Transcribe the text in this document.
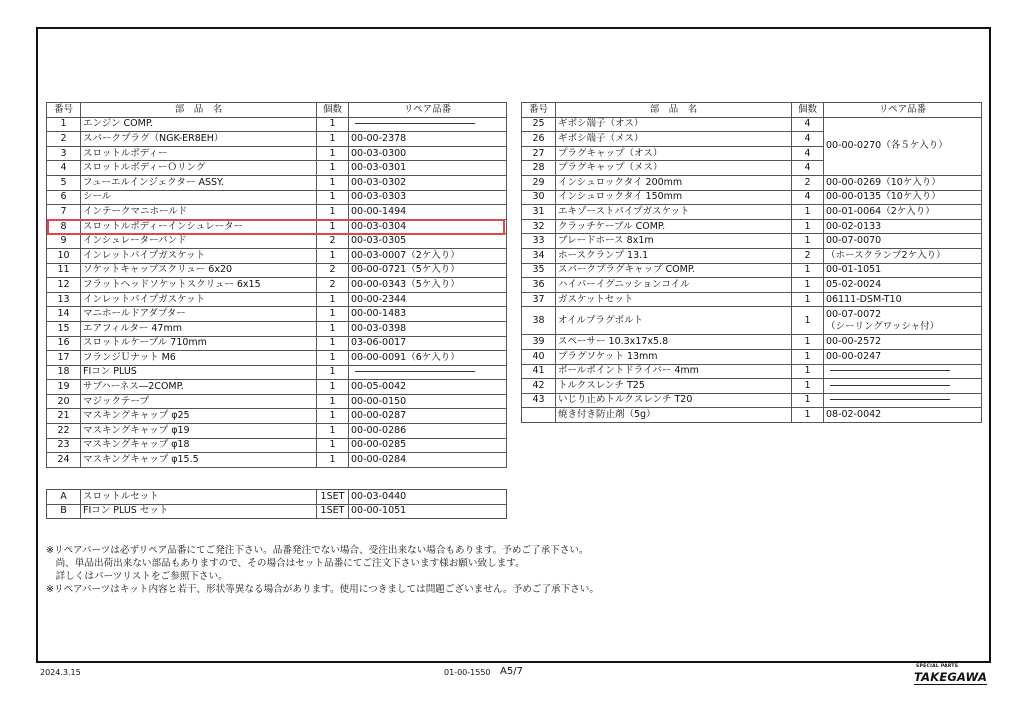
番号	部　品　名	個数	リペア品番
1	エンジン COMP.	1	
2	スパークプラグ（NGK-ER8EH）	1	00-00-2378
3	スロットルボディー	1	00-03-0300
4	スロットルボディーＯリング	1	00-03-0301
5	フューエルインジェクター ASSY.	1	00-03-0302
6	シール	1	00-03-0303
7	インテークマニホールド	1	00-00-1494
8	スロットルボディーインシュレーター	1	00-03-0304
9	インシュレーターバンド	2	00-03-0305
10	インレットパイプガスケット	1	00-03-0007（2ケ入り）
11	ソケットキャップスクリュー 6x20	2	00-00-0721（5ケ入り）
12	フラットヘッドソケットスクリュー 6x15	2	00-00-0343（5ケ入り）
13	インレットパイプガスケット	1	00-00-2344
14	マニホールドアダプター	1	00-00-1483
15	エアフィルター 47mm	1	00-03-0398
16	スロットルケーブル 710mm	1	03-06-0017
17	フランジＵナット M6	1	00-00-0091（6ケ入り）
18	FIコン PLUS	1	
19	サブハーネス―2COMP.	1	00-05-0042
20	マジックテープ	1	00-00-0150
21	マスキングキャップ φ25	1	00-00-0287
22	マスキングキャップ φ19	1	00-00-0286
23	マスキングキャップ φ18	1	00-00-0285
24	マスキングキャップ φ15.5	1	00-00-0284
番号	部　品　名	個数	リペア品番
25	ギボシ端子（オス）	4	00-00-0270（各５ケ入り）
26	ギボシ端子（メス）	4	
27	プラグキャップ（オス）	4	
28	プラグキャップ（メス）	4	
29	インシュロックタイ 200mm	2	00-00-0269（10ケ入り）
30	インシュロックタイ 150mm	4	00-00-0135（10ケ入り）
31	エキゾーストパイプガスケット	1	00-01-0064（2ケ入り）
32	クラッチケーブル COMP.	1	00-02-0133
33	ブレードホース 8x1m	1	00-07-0070
34	ホースクランプ 13.1	2	（ホースクランプ2ケ入り）
35	スパークプラグキャップ COMP.	1	00-01-1051
36	ハイパーイグニッションコイル	1	05-02-0024
37	ガスケットセット	1	06111-DSM-T10
38	オイルプラグボルト	1	00-07-0072
（シーリングワッシャ付）

39	スペーサー 10.3x17x5.8	1	00-00-2572
40	プラグソケット 13mm	1	00-00-0247
41	ボールポイントドライバー 4mm	1	
42	トルクスレンチ T25	1	
43	いじり止めトルクスレンチ T20	1	
	焼き付き防止剤（5g）	1	08-02-0042
A	スロットルセット	1SET	00-03-0440
B	FIコン PLUS セット	1SET	00-00-1051
※リペアパーツは必ずリペア品番にてご発注下さい。品番発注でない場合、受注出来ない場合もあります。予めご了承下さい。
　尚、単品出荷出来ない部品もありますので、その場合はセット品番にてご注文下さいます様お願い致します。
　詳しくはパーツリストをご参照下さい。
※リペアパーツはキット内容と若干、形状等異なる場合があります。使用につきましては問題ございません。予めご了承下さい。
2024.3.15	01-00-1550 A5/7	SPECIAL PARTS
TAKEGAWA
